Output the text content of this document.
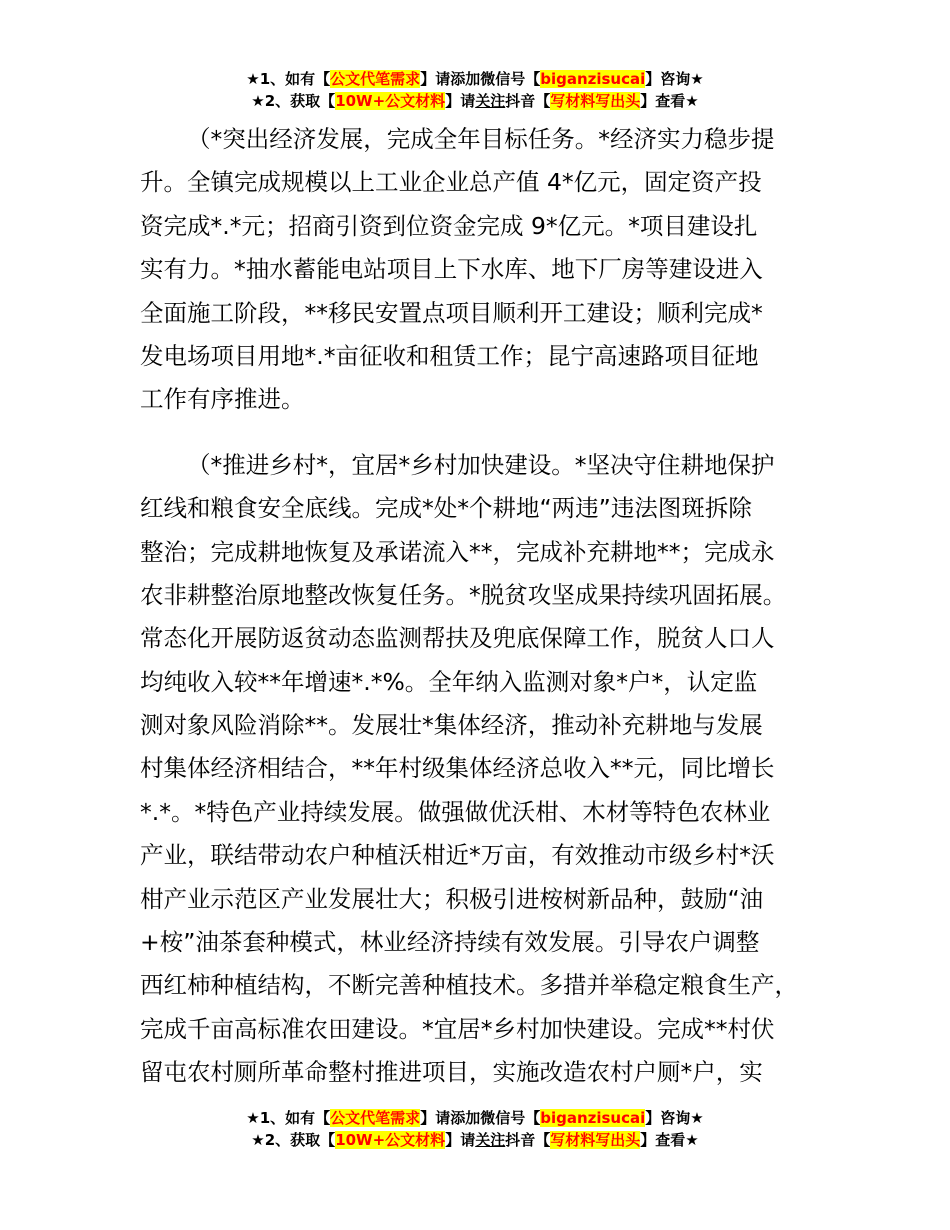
★1、如有【公文代笔需求】请添加微信号【biganzisucai】咨询★
★2、获取【10W+公文材料】请关注抖音【写材料写出头】查看★
（*突出经济发展，完成全年目标任务。*经济实力稳步提
升。全镇完成规模以上工业企业总产值 4*亿元，固定资产投
资完成*.*元；招商引资到位资金完成 9*亿元。*项目建设扎
实有力。*抽水蓄能电站项目上下水库、地下厂房等建设进入
全面施工阶段，**移民安置点项目顺利开工建设；顺利完成*
发电场项目用地*.*亩征收和租赁工作；昆宁高速路项目征地
工作有序推进。
（*推进乡村*，宜居*乡村加快建设。*坚决守住耕地保护
红线和粮食安全底线。完成*处*个耕地“两违”违法图斑拆除
整治；完成耕地恢复及承诺流入**，完成补充耕地**；完成永
农非耕整治原地整改恢复任务。*脱贫攻坚成果持续巩固拓展。
常态化开展防返贫动态监测帮扶及兜底保障工作，脱贫人口人
均纯收入较**年增速*.*%。全年纳入监测对象*户*，认定监
测对象风险消除**。发展壮*集体经济，推动补充耕地与发展
村集体经济相结合，**年村级集体经济总收入**元，同比增长
*.*。*特色产业持续发展。做强做优沃柑、木材等特色农林业
产业，联结带动农户种植沃柑近*万亩，有效推动市级乡村*沃
柑产业示范区产业发展壮大；积极引进桉树新品种，鼓励“油
+桉”油茶套种模式，林业经济持续有效发展。引导农户调整
西红柿种植结构，不断完善种植技术。多措并举稳定粮食生产，
完成千亩高标准农田建设。*宜居*乡村加快建设。完成**村伏
留屯农村厕所革命整村推进项目，实施改造农村户厕*户，实
★1、如有【公文代笔需求】请添加微信号【biganzisucai】咨询★
★2、获取【10W+公文材料】请关注抖音【写材料写出头】查看★
